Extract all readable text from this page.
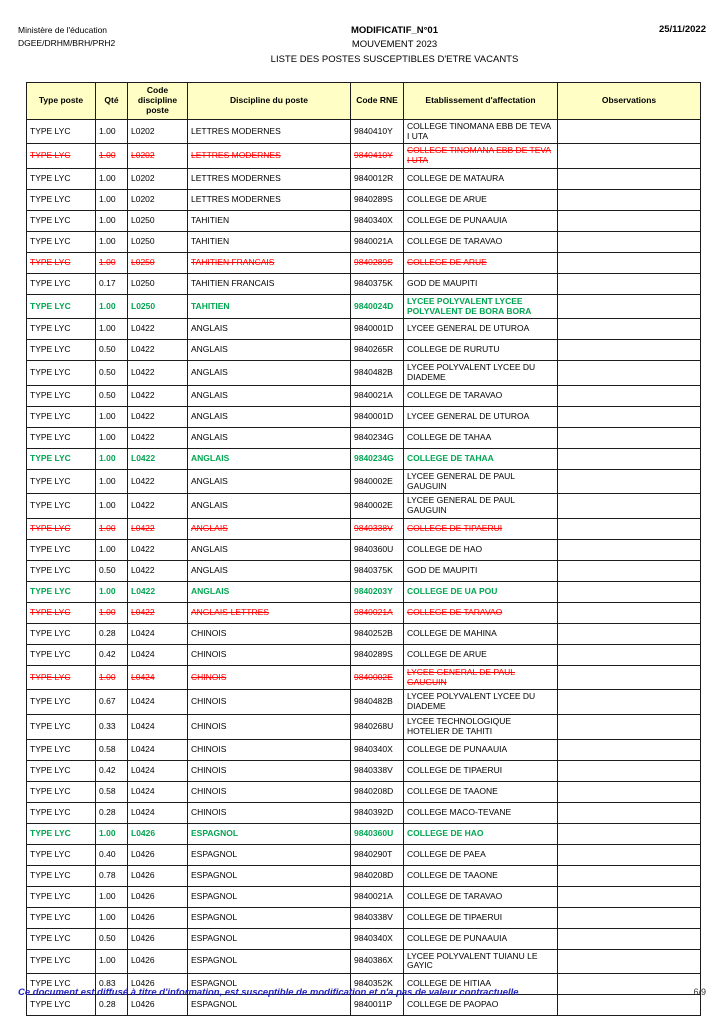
Ministère de l'éducation
DGEE/DRHM/BRH/PRH2
MODIFICATIF_N°01
MOUVEMENT 2023
LISTE DES POSTES SUSCEPTIBLES D'ETRE VACANTS
25/11/2022
Type poste	Qté	Code discipline poste	Discipline du poste	Code RNE	Etablissement d'affectation	Observations
TYPE LYC	1.00	L0202	LETTRES MODERNES	9840410Y	COLLEGE TINOMANA EBB DE TEVA I UTA	
TYPE LYC	1.00	L0202	LETTRES MODERNES	9840410Y	COLLEGE TINOMANA EBB DE TEVA I UTA	
TYPE LYC	1.00	L0202	LETTRES MODERNES	9840012R	COLLEGE DE MATAURA	
TYPE LYC	1.00	L0202	LETTRES MODERNES	9840289S	COLLEGE DE ARUE	
TYPE LYC	1.00	L0250	TAHITIEN	9840340X	COLLEGE DE PUNAAUIA	
TYPE LYC	1.00	L0250	TAHITIEN	9840021A	COLLEGE DE TARAVAO	
TYPE LYC	1.00	L0250	TAHITIEN FRANCAIS	9840289S	COLLEGE DE ARUE	
TYPE LYC	0.17	L0250	TAHITIEN FRANCAIS	9840375K	GOD DE MAUPITI	
TYPE LYC	1.00	L0250	TAHITIEN	9840024D	LYCEE POLYVALENT LYCEE POLYVALENT DE BORA BORA	
TYPE LYC	1.00	L0422	ANGLAIS	9840001D	LYCEE GENERAL DE UTUROA	
TYPE LYC	0.50	L0422	ANGLAIS	9840265R	COLLEGE DE RURUTU	
TYPE LYC	0.50	L0422	ANGLAIS	9840482B	LYCEE POLYVALENT LYCEE DU DIADEME	
TYPE LYC	0.50	L0422	ANGLAIS	9840021A	COLLEGE DE TARAVAO	
TYPE LYC	1.00	L0422	ANGLAIS	9840001D	LYCEE GENERAL DE UTUROA	
TYPE LYC	1.00	L0422	ANGLAIS	9840234G	COLLEGE DE TAHAA	
TYPE LYC	1.00	L0422	ANGLAIS	9840234G	COLLEGE DE TAHAA	
TYPE LYC	1.00	L0422	ANGLAIS	9840002E	LYCEE GENERAL DE PAUL GAUGUIN	
TYPE LYC	1.00	L0422	ANGLAIS	9840002E	LYCEE GENERAL DE PAUL GAUGUIN	
TYPE LYC	1.00	L0422	ANGLAIS	9840338V	COLLEGE DE TIPAERUI	
TYPE LYC	1.00	L0422	ANGLAIS	9840360U	COLLEGE DE HAO	
TYPE LYC	0.50	L0422	ANGLAIS	9840375K	GOD DE MAUPITI	
TYPE LYC	1.00	L0422	ANGLAIS	9840203Y	COLLEGE DE UA POU	
TYPE LYC	1.00	L0422	ANGLAIS-LETTRES	9840021A	COLLEGE DE TARAVAO	
TYPE LYC	0.28	L0424	CHINOIS	9840252B	COLLEGE DE MAHINA	
TYPE LYC	0.42	L0424	CHINOIS	9840289S	COLLEGE DE ARUE	
TYPE LYC	1.00	L0424	CHINOIS	9840002E	LYCEE GENERAL DE PAUL GAUGUIN	
TYPE LYC	0.67	L0424	CHINOIS	9840482B	LYCEE POLYVALENT LYCEE DU DIADEME	
TYPE LYC	0.33	L0424	CHINOIS	9840268U	LYCEE TECHNOLOGIQUE HOTELIER DE TAHITI	
TYPE LYC	0.58	L0424	CHINOIS	9840340X	COLLEGE DE PUNAAUIA	
TYPE LYC	0.42	L0424	CHINOIS	9840338V	COLLEGE DE TIPAERUI	
TYPE LYC	0.58	L0424	CHINOIS	9840208D	COLLEGE DE TAAONE	
TYPE LYC	0.28	L0424	CHINOIS	9840392D	COLLEGE MACO-TEVANE	
TYPE LYC	1.00	L0426	ESPAGNOL	9840360U	COLLEGE DE HAO	
TYPE LYC	0.40	L0426	ESPAGNOL	9840290T	COLLEGE DE PAEA	
TYPE LYC	0.78	L0426	ESPAGNOL	9840208D	COLLEGE DE TAAONE	
TYPE LYC	1.00	L0426	ESPAGNOL	9840021A	COLLEGE DE TARAVAO	
TYPE LYC	1.00	L0426	ESPAGNOL	9840338V	COLLEGE DE TIPAERUI	
TYPE LYC	0.50	L0426	ESPAGNOL	9840340X	COLLEGE DE PUNAAUIA	
TYPE LYC	1.00	L0426	ESPAGNOL	9840386X	LYCEE POLYVALENT TUIANU LE GAYIC	
TYPE LYC	0.83	L0426	ESPAGNOL	9840352K	COLLEGE DE HITIAA	
TYPE LYC	0.28	L0426	ESPAGNOL	9840011P	COLLEGE DE PAOPAO	
Ce document est diffusé à titre d'information, est susceptible de modification et n'a pas de valeur contractuelle	6/9
